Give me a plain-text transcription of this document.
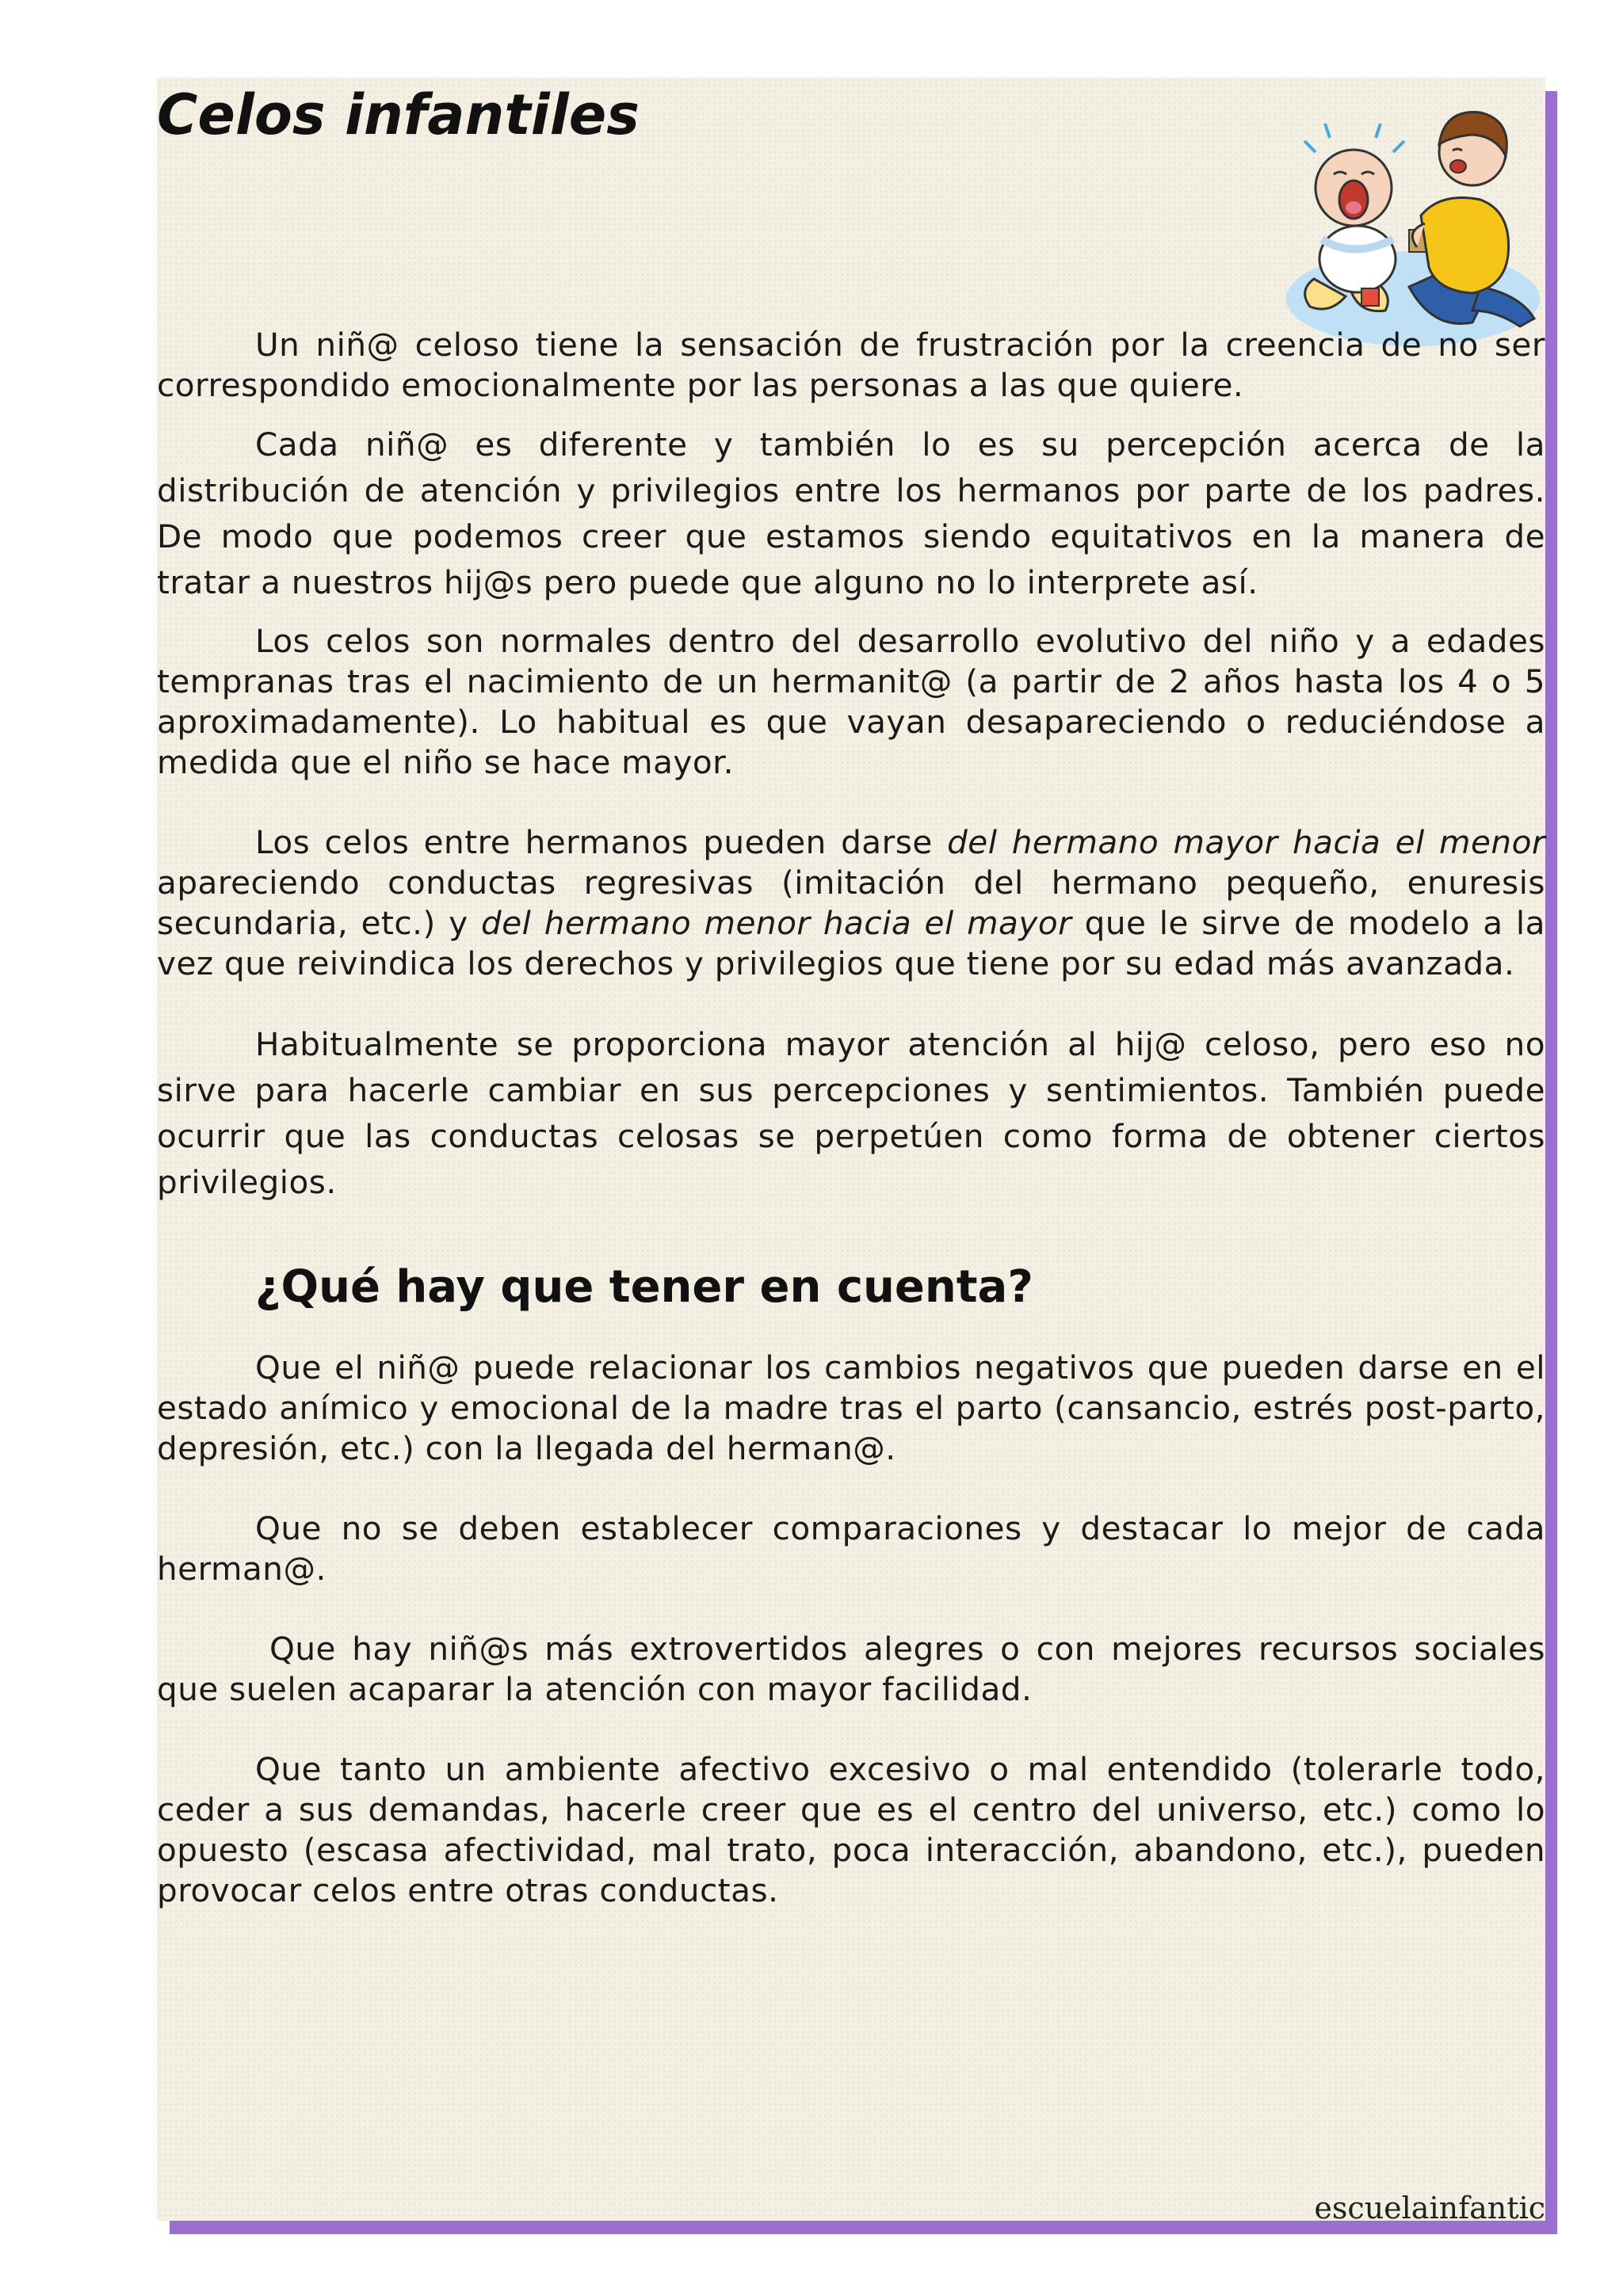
Celos infantiles

Un niñ@ celoso tiene la sensación de frustración por la creencia de no ser correspondido emocionalmente por las personas a las que quiere.

Cada niñ@ es diferente y también lo es su percepción acerca de la distribución de atención y privilegios entre los hermanos por parte de los padres. De modo que podemos creer que estamos siendo equitativos en la manera de tratar a nuestros hij@s pero puede que alguno no lo interprete así.

Los celos son normales dentro del desarrollo evolutivo del niño y a edades tempranas tras el nacimiento de un hermanit@ (a partir de 2 años hasta los 4 o 5 aproximadamente). Lo habitual es que vayan desapareciendo o reduciéndose a medida que el niño se hace mayor.

Los celos entre hermanos pueden darse del hermano mayor hacia el menor apareciendo conductas regresivas (imitación del hermano pequeño, enuresis secundaria, etc.) y del hermano menor hacia el mayor que le sirve de modelo a la vez que reivindica los derechos y privilegios que tiene por su edad más avanzada.

Habitualmente se proporciona mayor atención al hij@ celoso, pero eso no sirve para hacerle cambiar en sus percepciones y sentimientos. También puede ocurrir que las conductas celosas se perpetúen como forma de obtener ciertos privilegios.

¿Qué hay que tener en cuenta?

Que el niñ@ puede relacionar los cambios negativos que pueden darse en el estado anímico y emocional de la madre tras el parto (cansancio, estrés post-parto, depresión, etc.) con la llegada del herman@.

Que no se deben establecer comparaciones y destacar lo mejor de cada herman@.

Que hay niñ@s más extrovertidos alegres o con mejores recursos sociales que suelen acaparar la atención con mayor facilidad.

Que tanto un ambiente afectivo excesivo o mal entendido (tolerarle todo, ceder a sus demandas, hacerle creer que es el centro del universo, etc.) como lo opuesto (escasa afectividad, mal trato, poca interacción, abandono, etc.), pueden provocar celos entre otras conductas.

escuelainfantic
